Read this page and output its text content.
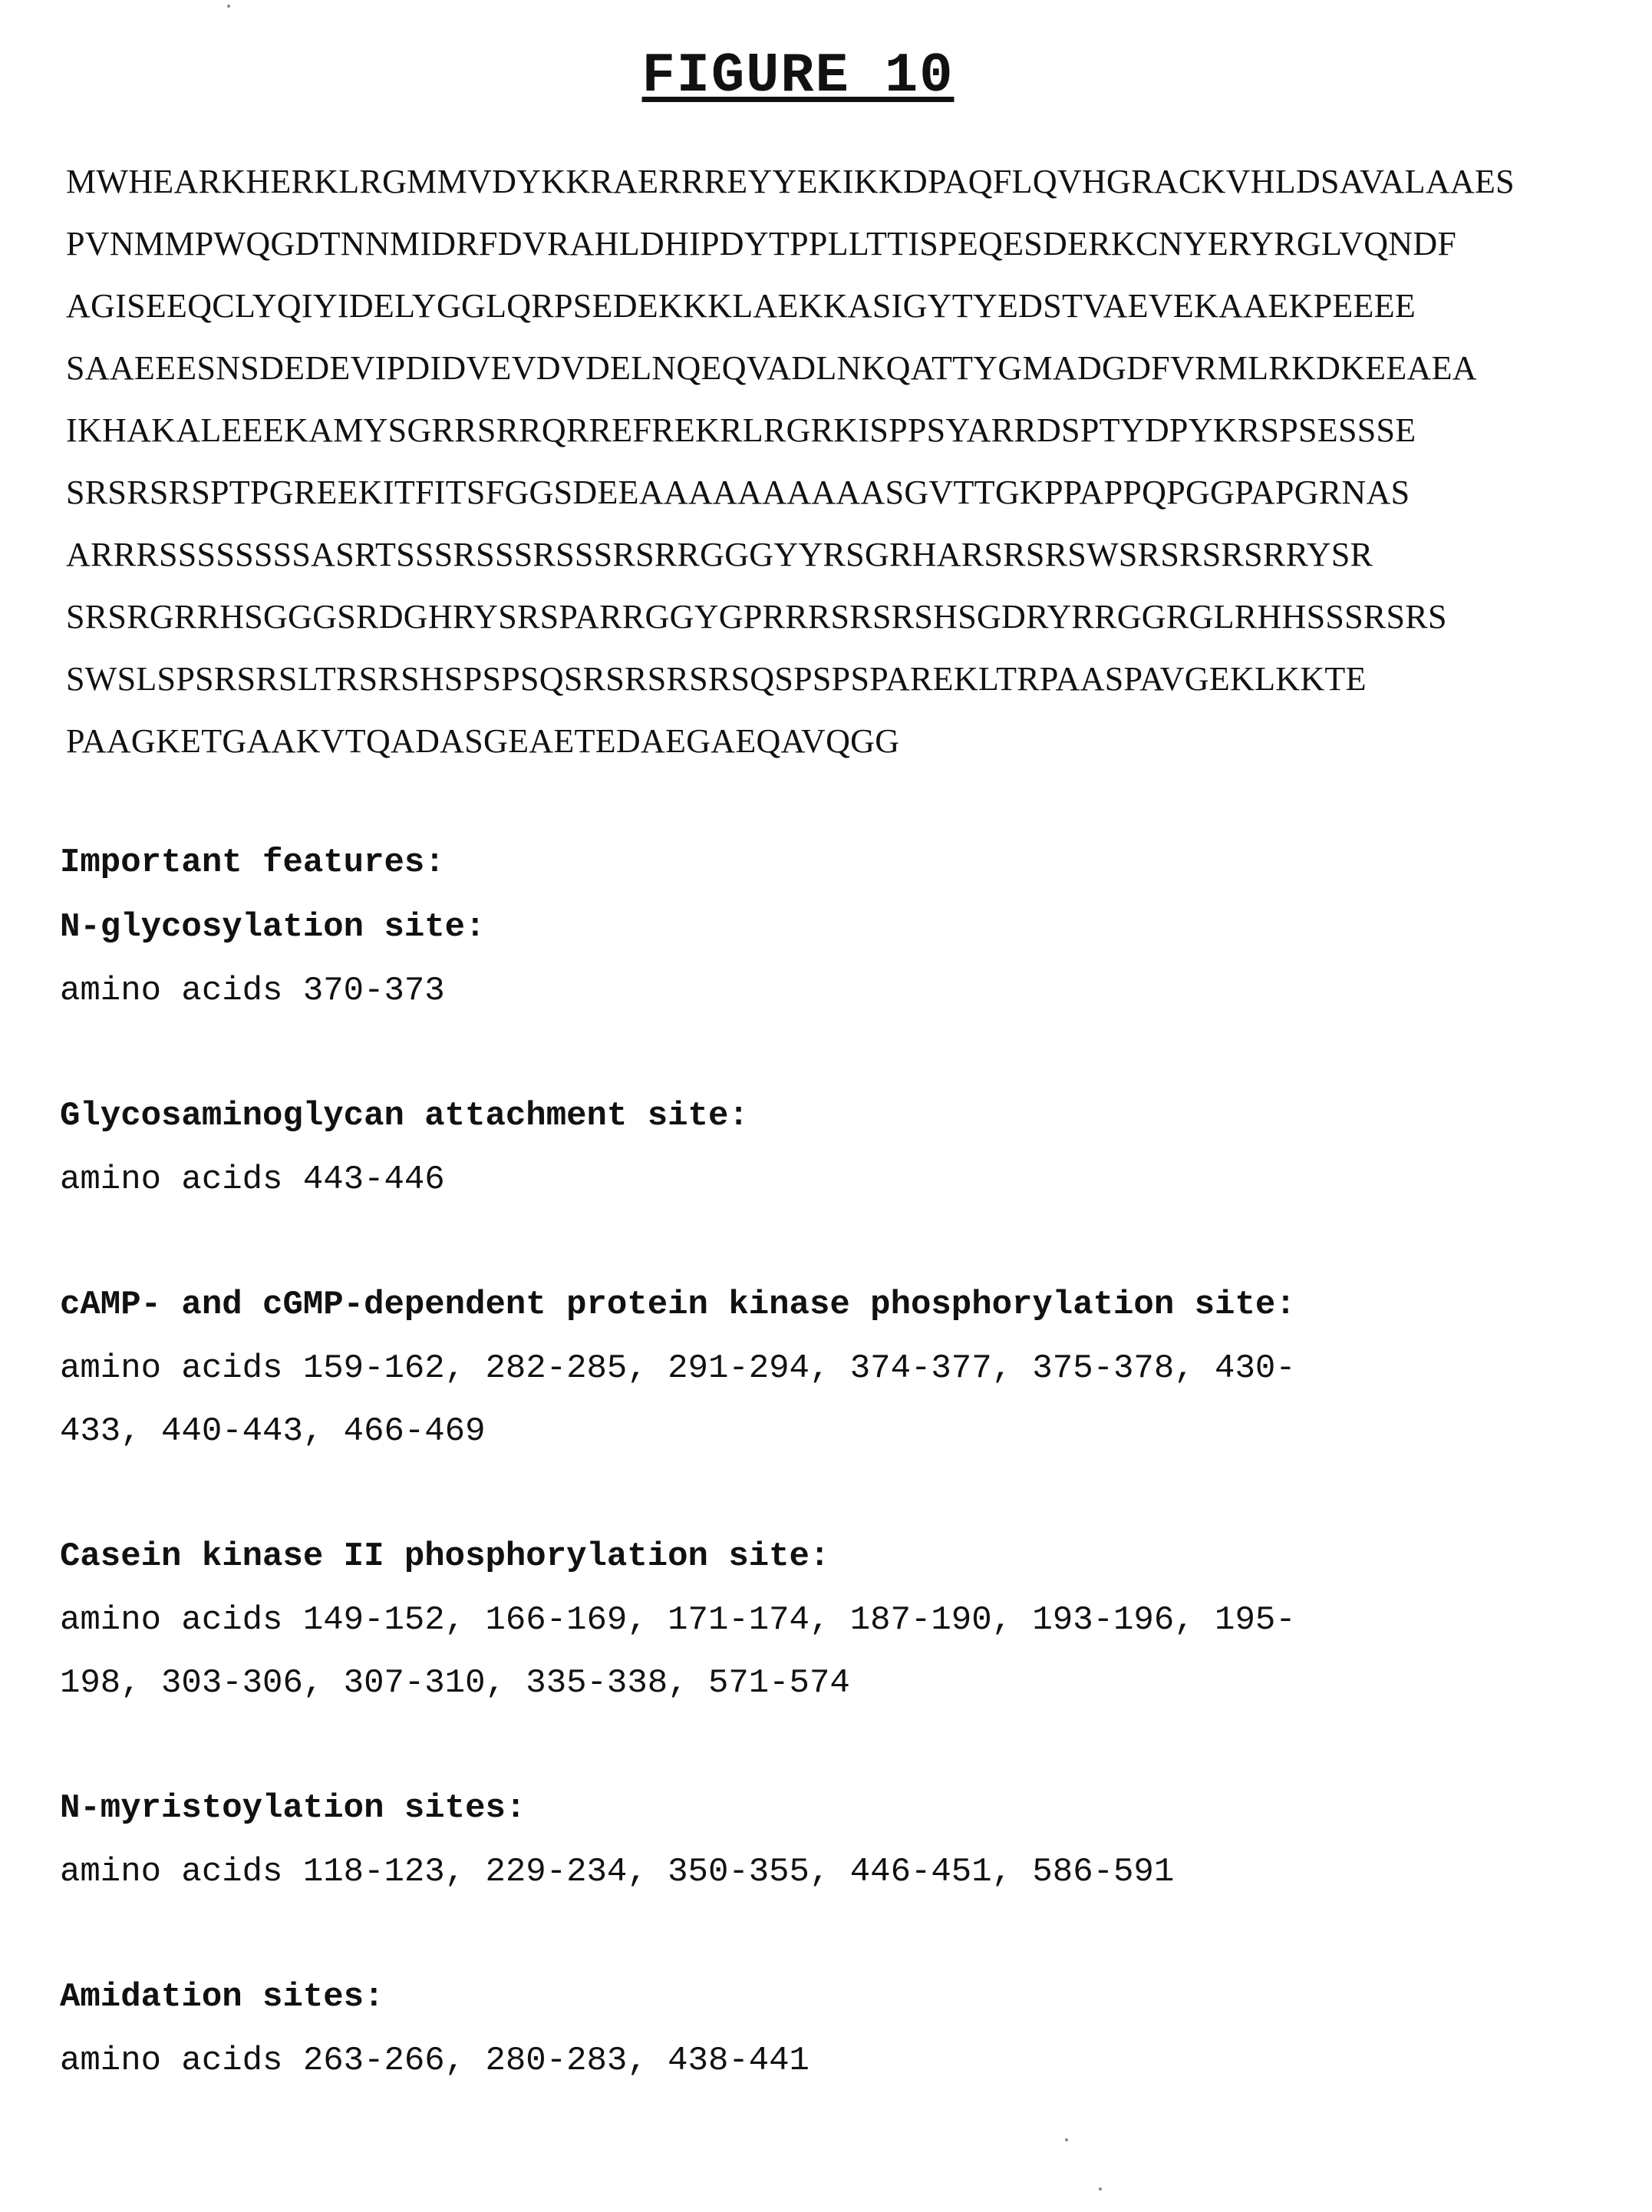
FIGURE 10
MWHEARKHERKLRGMMVDYKKRAERRREYYEKIKKDPAQFLQVHGRACKVHLDSAVALAAES
PVNMMPWQGDTNNMIDRFDVRAHLDHIPDYTPPLLTTISPEQESDERKCNYERYRGLVQNDF
AGISEEQCLYQIYIDELYGGLQRPSEDEKKKLAEKKASIGYTYEDSTVAEVEKAAEKPEEEE
SAAEEESNSDEDEVIPDIDVEVDVDELNQEQVADLNKQATTYGMADGDFVRMLRKDKEEAEA
IKHAKALEEEKAMYSGRRSRRQRREFREKRLRGRKISPPSYARRDSPTYDPYKRSPSESSSE
SRSRSRSPTPGREEKITFITSFGGSDEEAAAAAAAAAASGVTTGKPPAPPQPGGPAPGRNAS
ARRRSSSSSSSSASRTSSSRSSSRSSSRSRRGGGYYRSGRHARSRSRSWSRSRSRSRRYSR
SRSRGRRHSGGGSRDGHRYSRSPARRGGYGPRRRSRSRSHSGDRYRRGGRGLRHHSSSRSRS
SWSLSPSRSRSLTRSRSHSPSPSQSRSRSRSRSQSPSPSPAREKLTRPAASPAVGEKLKKTE
PAAGKETGAAKVTQADASGEAETEDAEGAEQAVQGG

Important features:

N-glycosylation site:

amino acids 370-373

Glycosaminoglycan attachment site:

amino acids 443-446

cAMP- and cGMP-dependent protein kinase phosphorylation site:

amino acids 159-162, 282-285, 291-294, 374-377, 375-378, 430-
433, 440-443, 466-469

Casein kinase II phosphorylation site:

amino acids 149-152, 166-169, 171-174, 187-190, 193-196, 195-
198, 303-306, 307-310, 335-338, 571-574

N-myristoylation sites:

amino acids 118-123, 229-234, 350-355, 446-451, 586-591

Amidation sites:

amino acids 263-266, 280-283, 438-441
